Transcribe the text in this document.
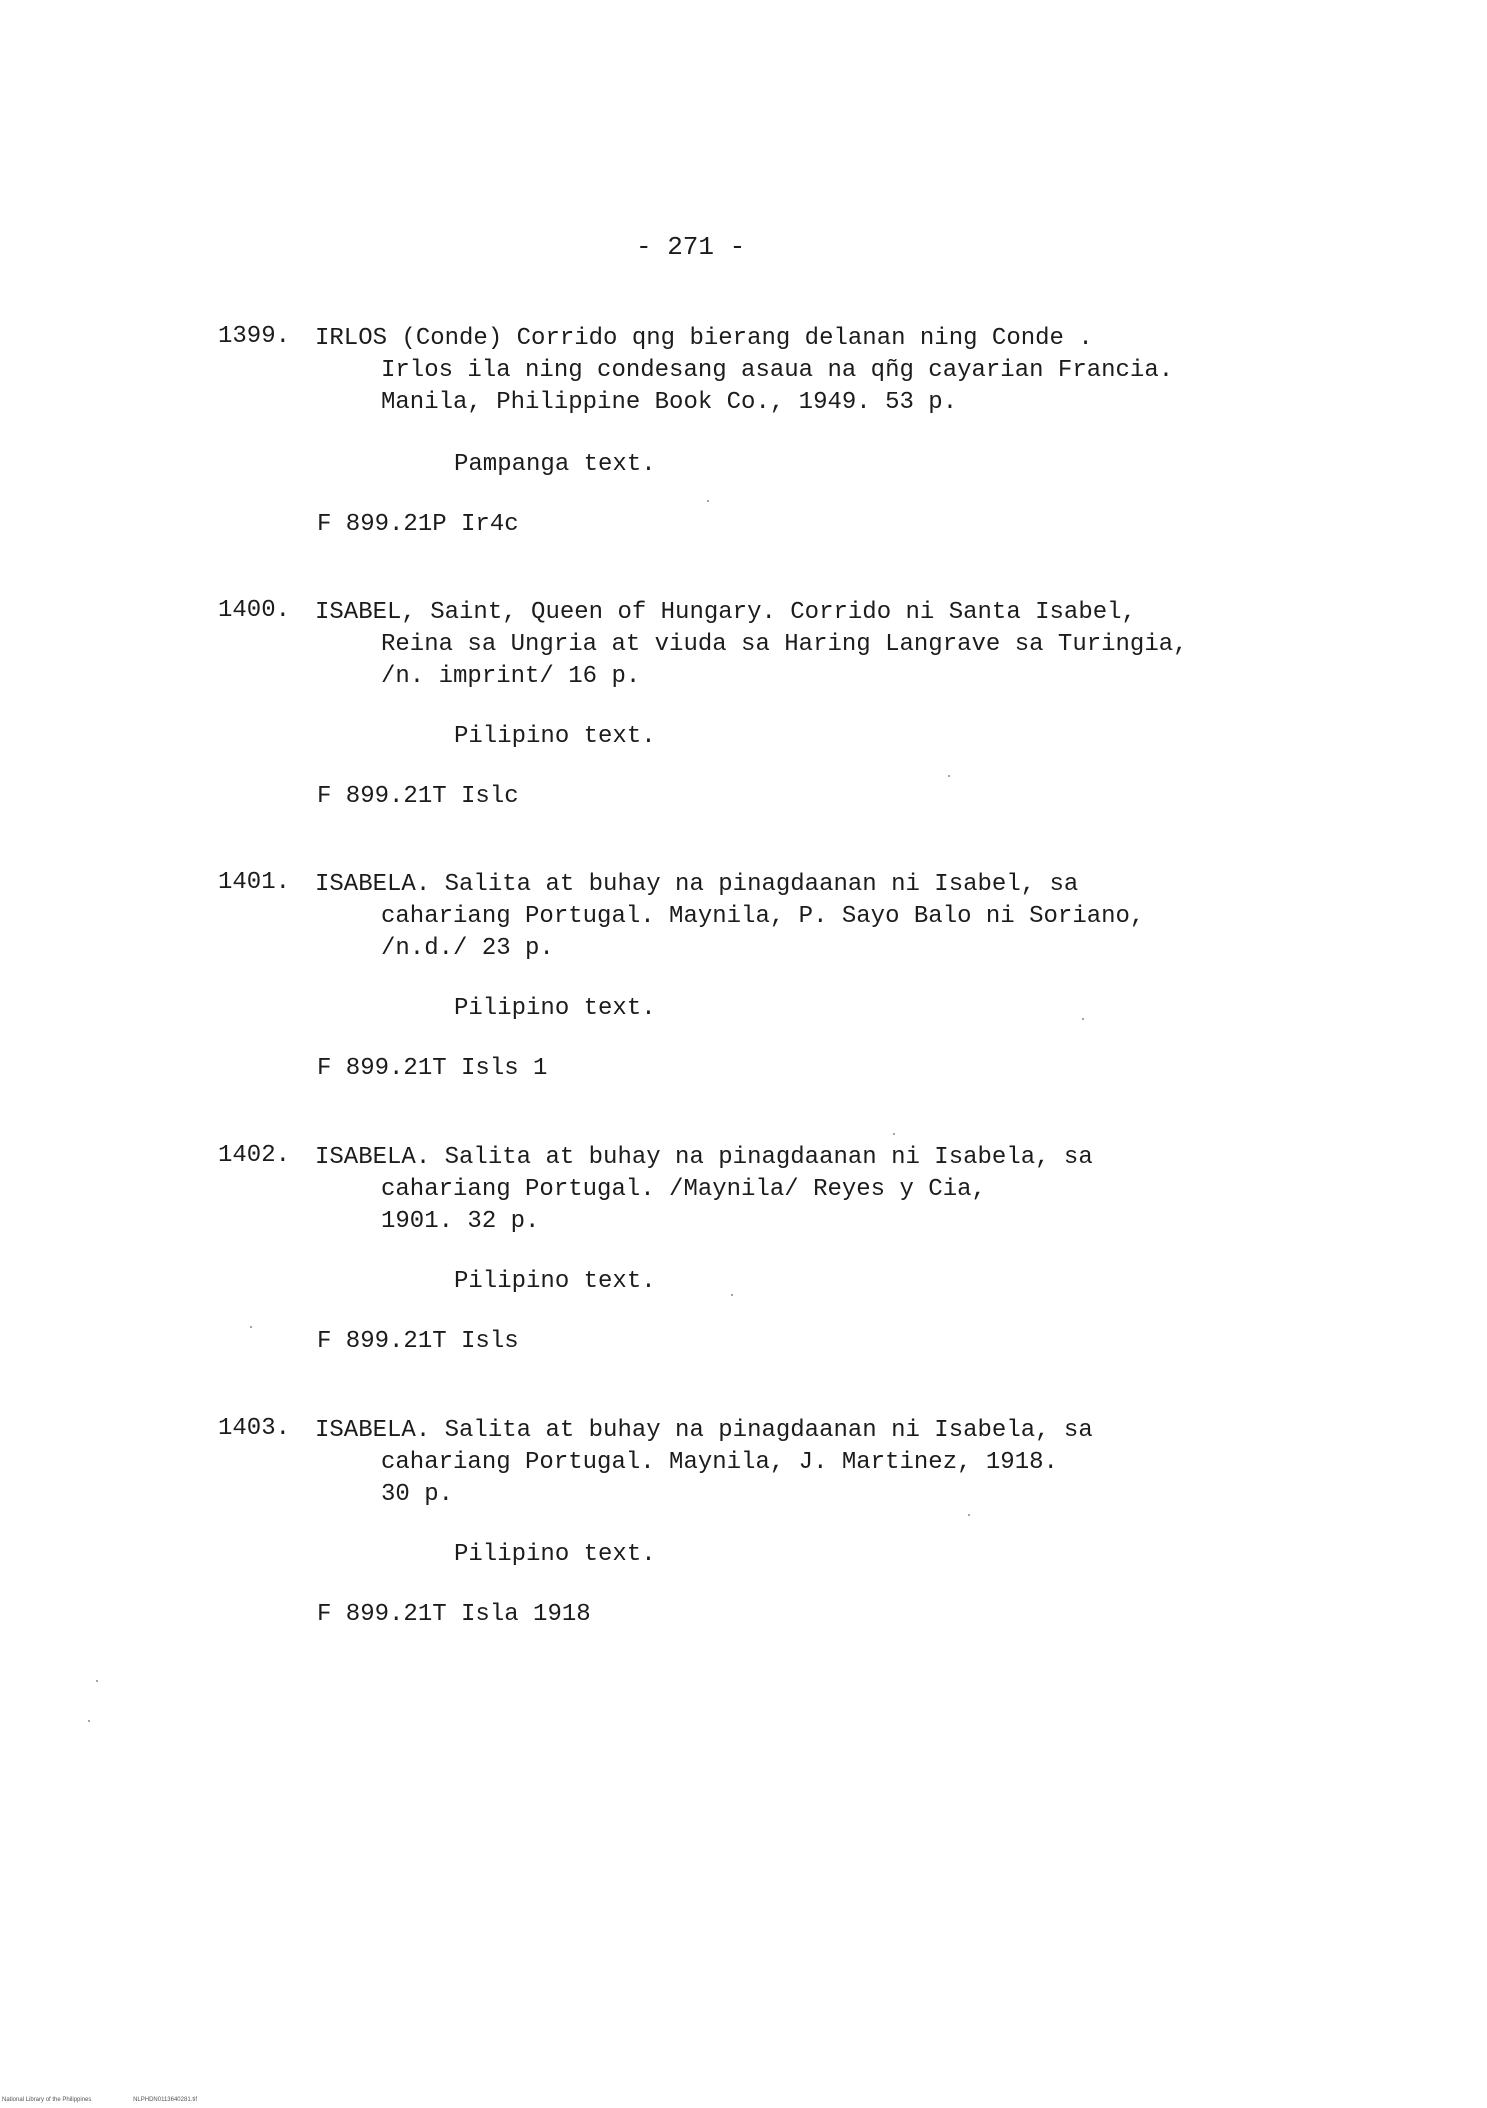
- 271 -
1399. IRLOS (Conde) Corrido qng bierang delanan ning Conde .
Irlos ila ning condesang asaua na qñg cayarian Francia.
Manila, Philippine Book Co., 1949. 53 p.
Pampanga text.
F 899.21P Ir4c
1400. ISABEL, Saint, Queen of Hungary. Corrido ni Santa Isabel,
Reina sa Ungria at viuda sa Haring Langrave sa Turingia,
/n. imprint/ 16 p.
Pilipino text.
F 899.21T Islc
1401. ISABELA. Salita at buhay na pinagdaanan ni Isabel, sa
cahariang Portugal. Maynila, P. Sayo Balo ni Soriano,
/n.d./ 23 p.
Pilipino text.
F 899.21T Isls 1
1402. ISABELA. Salita at buhay na pinagdaanan ni Isabela, sa
cahariang Portugal. /Maynila/ Reyes y Cia,
1901. 32 p.
Pilipino text.
F 899.21T Isls
1403. ISABELA. Salita at buhay na pinagdaanan ni Isabela, sa
cahariang Portugal. Maynila, J. Martinez, 1918.
30 p.
Pilipino text.
F 899.21T Isla 1918
National Library of the Philippines	NLPHDN0113640281.tif
